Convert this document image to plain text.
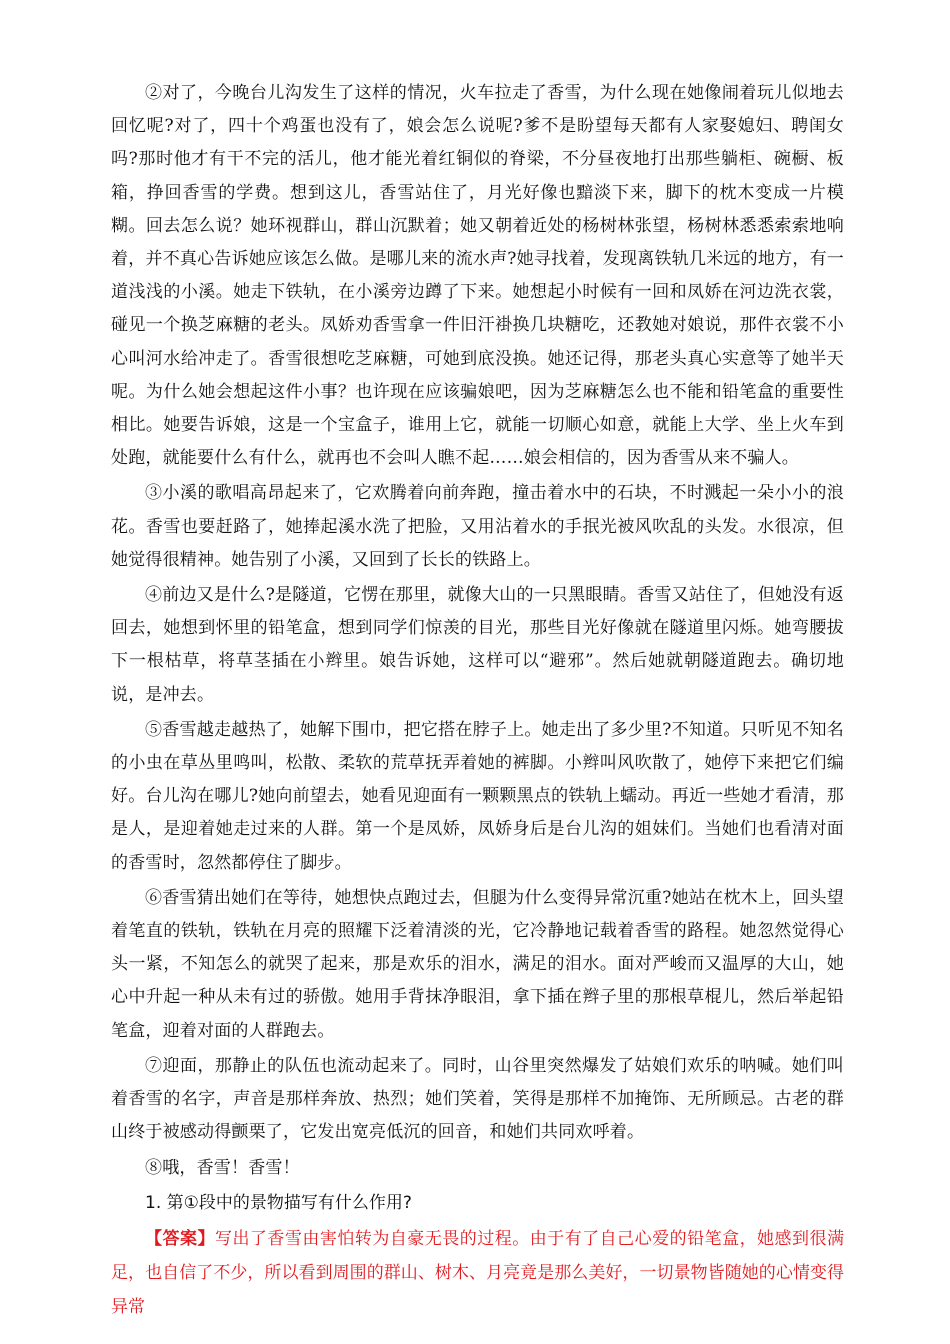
②对了，今晚台儿沟发生了这样的情况，火车拉走了香雪，为什么现在她像闹着玩儿似地去回忆呢?对了，四十个鸡蛋也没有了，娘会怎么说呢?爹不是盼望每天都有人家娶媳妇、聘闺女吗?那时他才有干不完的活儿，他才能光着红铜似的脊梁，不分昼夜地打出那些躺柜、碗橱、板箱，挣回香雪的学费。想到这儿，香雪站住了，月光好像也黯淡下来，脚下的枕木变成一片模糊。回去怎么说？她环视群山，群山沉默着；她又朝着近处的杨树林张望，杨树林悉悉索索地响着，并不真心告诉她应该怎么做。是哪儿来的流水声?她寻找着，发现离铁轨几米远的地方，有一道浅浅的小溪。她走下铁轨，在小溪旁边蹲了下来。她想起小时候有一回和凤娇在河边洗衣裳，碰见一个换芝麻糖的老头。凤娇劝香雪拿一件旧汗褂换几块糖吃，还教她对娘说，那件衣裳不小心叫河水给冲走了。香雪很想吃芝麻糖，可她到底没换。她还记得，那老头真心实意等了她半天呢。为什么她会想起这件小事？也许现在应该骗娘吧，因为芝麻糖怎么也不能和铅笔盒的重要性相比。她要告诉娘，这是一个宝盒子，谁用上它，就能一切顺心如意，就能上大学、坐上火车到处跑，就能要什么有什么，就再也不会叫人瞧不起……娘会相信的，因为香雪从来不骗人。

③小溪的歌唱高昂起来了，它欢腾着向前奔跑，撞击着水中的石块，不时溅起一朵小小的浪花。香雪也要赶路了，她捧起溪水洗了把脸，又用沾着水的手抿光被风吹乱的头发。水很凉，但她觉得很精神。她告别了小溪，又回到了长长的铁路上。

④前边又是什么?是隧道，它愣在那里，就像大山的一只黑眼睛。香雪又站住了，但她没有返回去，她想到怀里的铅笔盒，想到同学们惊羡的目光，那些目光好像就在隧道里闪烁。她弯腰拔下一根枯草，将草茎插在小辫里。娘告诉她，这样可以“避邪”。然后她就朝隧道跑去。确切地说，是冲去。

⑤香雪越走越热了，她解下围巾，把它搭在脖子上。她走出了多少里?不知道。只听见不知名的小虫在草丛里鸣叫，松散、柔软的荒草抚弄着她的裤脚。小辫叫风吹散了，她停下来把它们编好。台儿沟在哪儿?她向前望去，她看见迎面有一颗颗黑点的铁轨上蠕动。再近一些她才看清，那是人，是迎着她走过来的人群。第一个是凤娇，凤娇身后是台儿沟的姐妹们。当她们也看清对面的香雪时，忽然都停住了脚步。

⑥香雪猜出她们在等待，她想快点跑过去，但腿为什么变得异常沉重?她站在枕木上，回头望着笔直的铁轨，铁轨在月亮的照耀下泛着清淡的光，它冷静地记载着香雪的路程。她忽然觉得心头一紧，不知怎么的就哭了起来，那是欢乐的泪水，满足的泪水。面对严峻而又温厚的大山，她心中升起一种从未有过的骄傲。她用手背抹净眼泪，拿下插在辫子里的那根草棍儿，然后举起铅笔盒，迎着对面的人群跑去。

⑦迎面，那静止的队伍也流动起来了。同时，山谷里突然爆发了姑娘们欢乐的呐喊。她们叫着香雪的名字，声音是那样奔放、热烈；她们笑着，笑得是那样不加掩饰、无所顾忌。古老的群山终于被感动得颤栗了，它发出宽亮低沉的回音，和她们共同欢呼着。

⑧哦，香雪！香雪！

1. 第①段中的景物描写有什么作用?

【答案】写出了香雪由害怕转为自豪无畏的过程。由于有了自己心爱的铅笔盒，她感到很满足，也自信了不少，所以看到周围的群山、树木、月亮竟是那么美好，一切景物皆随她的心情变得异常
